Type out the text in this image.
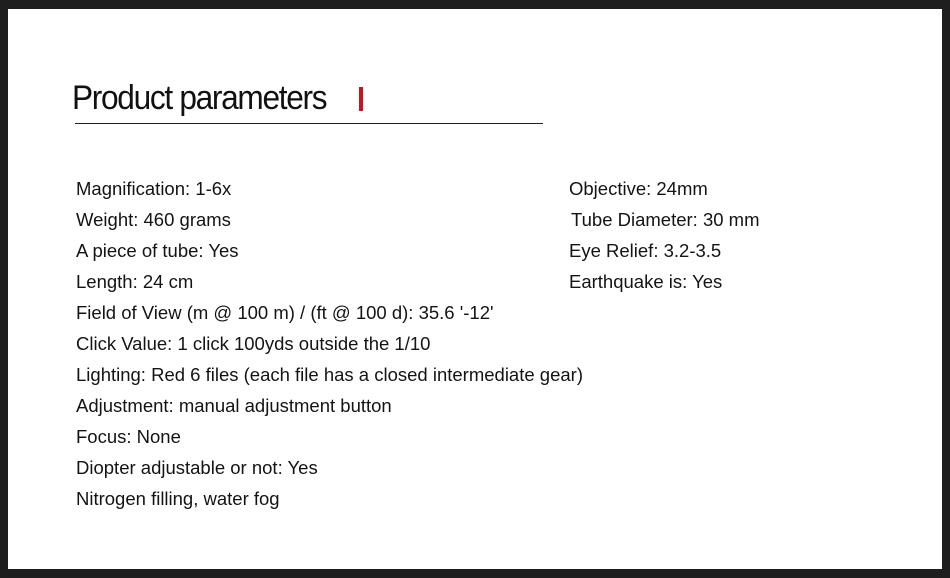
Product parameters
Magnification: 1-6x
Weight: 460 grams
A piece of tube: Yes
Length: 24 cm
Field of View (m @ 100 m) / (ft @ 100 d): 35.6 '-12'
Click Value: 1 click 100yds outside the 1/10
Lighting: Red 6 files (each file has a closed intermediate gear)
Adjustment: manual adjustment button
Focus: None
Diopter adjustable or not: Yes
Nitrogen filling, water fog
Objective: 24mm
Tube Diameter: 30 mm
Eye Relief: 3.2-3.5
Earthquake is: Yes
